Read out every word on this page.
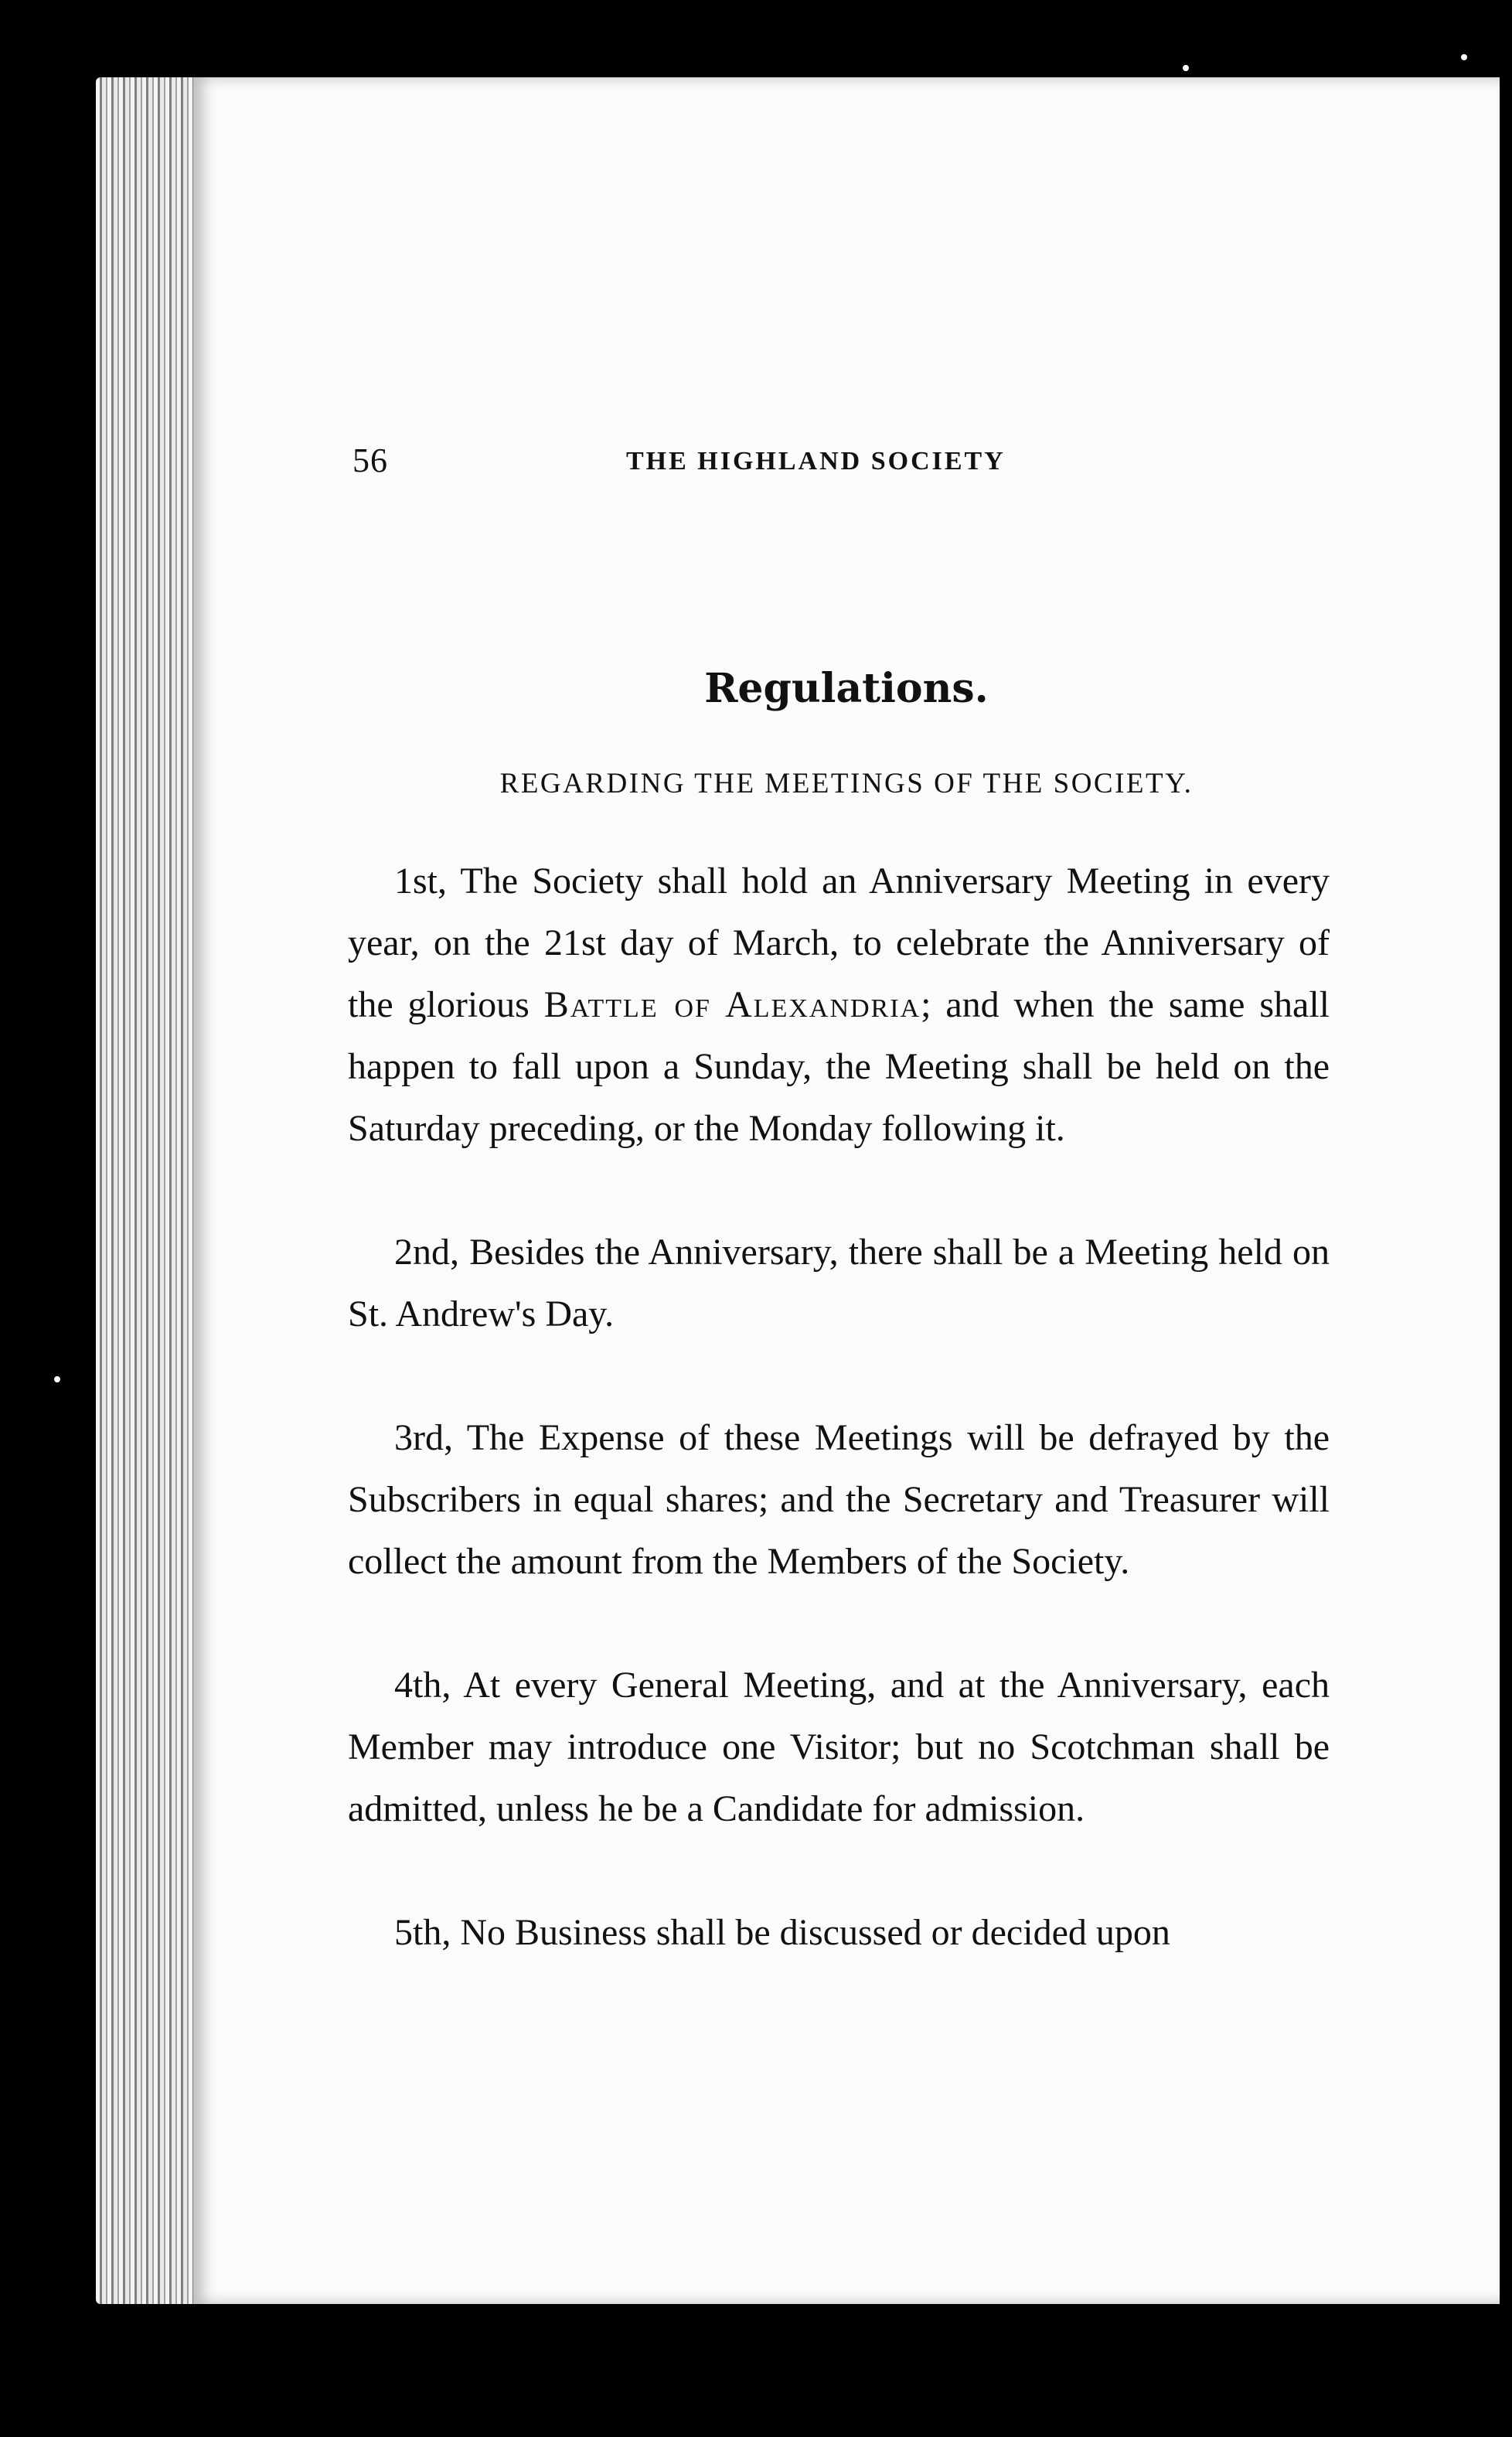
56	THE HIGHLAND SOCIETY
Regulations.
REGARDING THE MEETINGS OF THE SOCIETY.

1st, The Society shall hold an Anniversary Meeting in every year, on the 21st day of March, to celebrate the Anniversary of the glorious Battle of Alexandria; and when the same shall happen to fall upon a Sunday, the Meeting shall be held on the Saturday preceding, or the Monday following it.

2nd, Besides the Anniversary, there shall be a Meeting held on St. Andrew's Day.

3rd, The Expense of these Meetings will be defrayed by the Subscribers in equal shares; and the Secretary and Treasurer will collect the amount from the Members of the Society.

4th, At every General Meeting, and at the Anniversary, each Member may introduce one Visitor; but no Scotchman shall be admitted, unless he be a Candidate for admission.

5th, No Business shall be discussed or decided upon
